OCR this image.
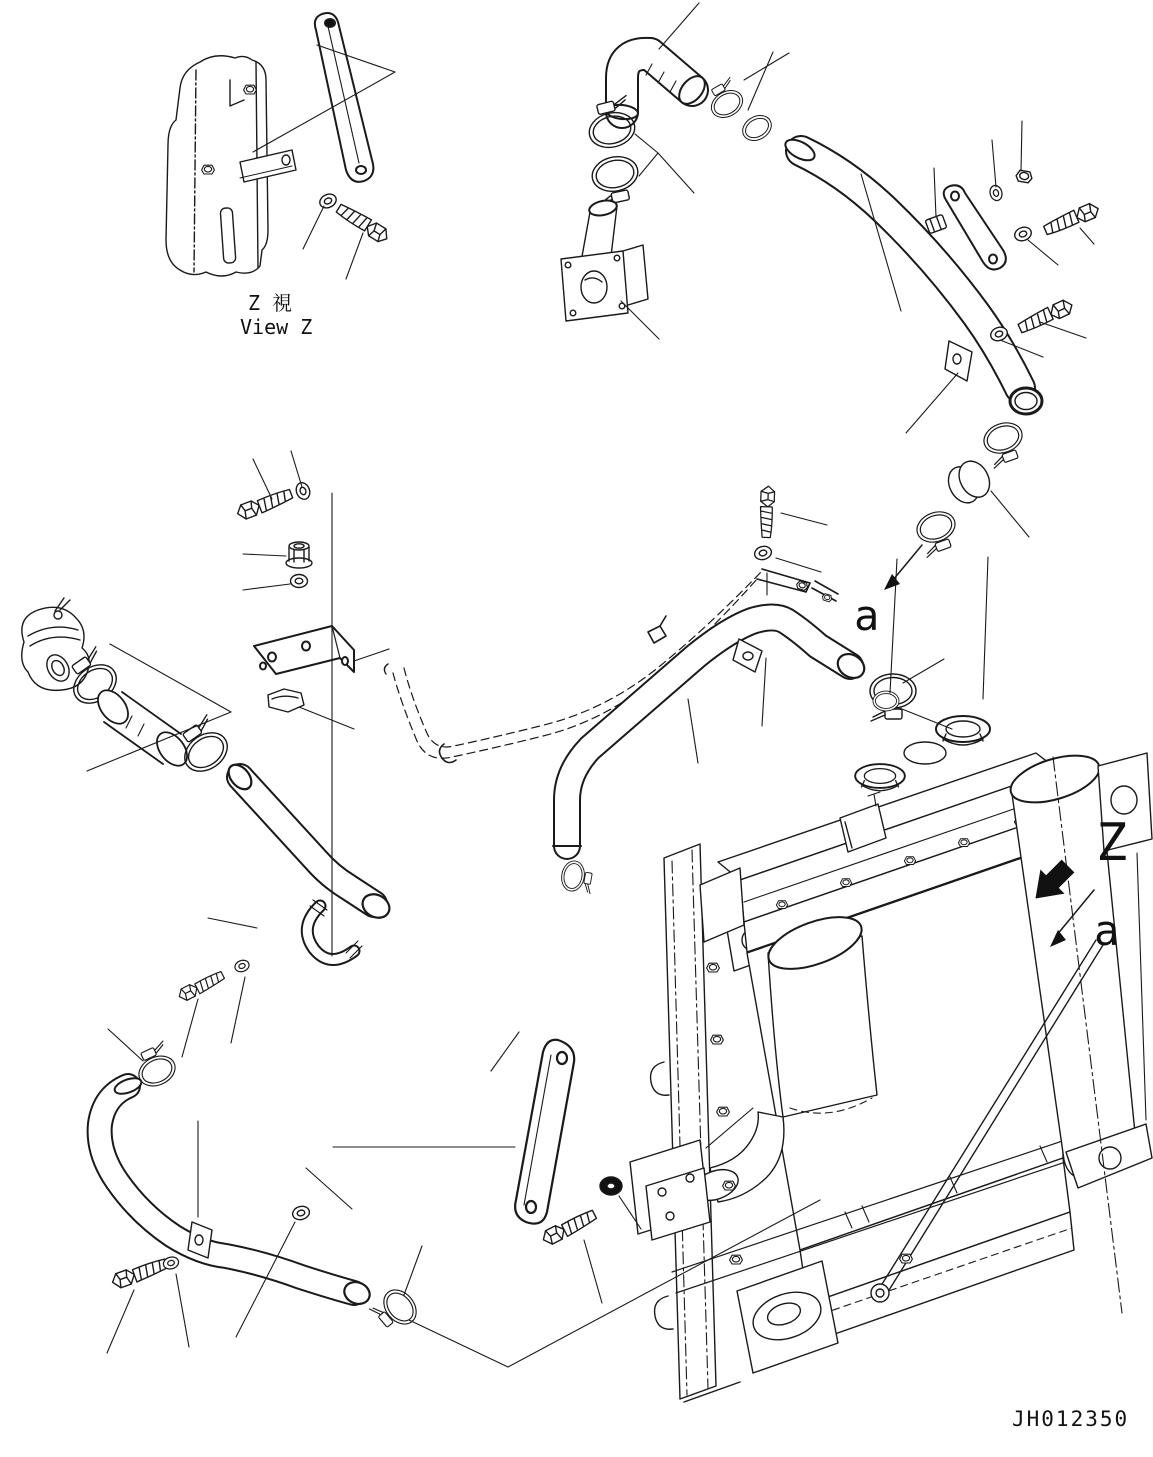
Z 視
View Z
Z
a
a
JH012350
